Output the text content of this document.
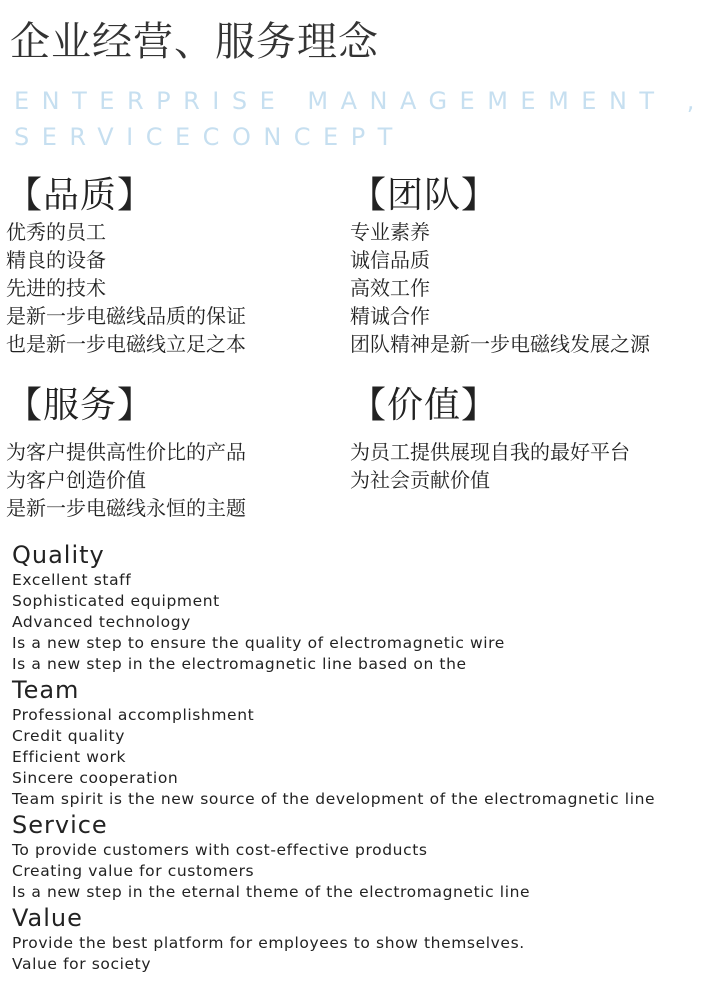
企业经营、服务理念
ENTERPRISE MANAGEMEMENT ,
SERVICECONCEPT
【品质】
优秀的员工
精良的设备
先进的技术
是新一步电磁线品质的保证
也是新一步电磁线立足之本
【团队】
专业素养
诚信品质
高效工作
精诚合作
团队精神是新一步电磁线发展之源
【服务】
为客户提供高性价比的产品
为客户创造价值
是新一步电磁线永恒的主题
【价值】
为员工提供展现自我的最好平台
为社会贡献价值
Quality
Excellent staff
Sophisticated equipment
Advanced technology
Is a new step to ensure the quality of electromagnetic wire
Is a new step in the electromagnetic line based on the
Team
Professional accomplishment
Credit quality
Efficient work
Sincere cooperation
Team spirit is the new source of the development of the electromagnetic line
Service
To provide customers with cost-effective products
Creating value for customers
Is a new step in the eternal theme of the electromagnetic line
Value
Provide the best platform for employees to show themselves.
Value for society
